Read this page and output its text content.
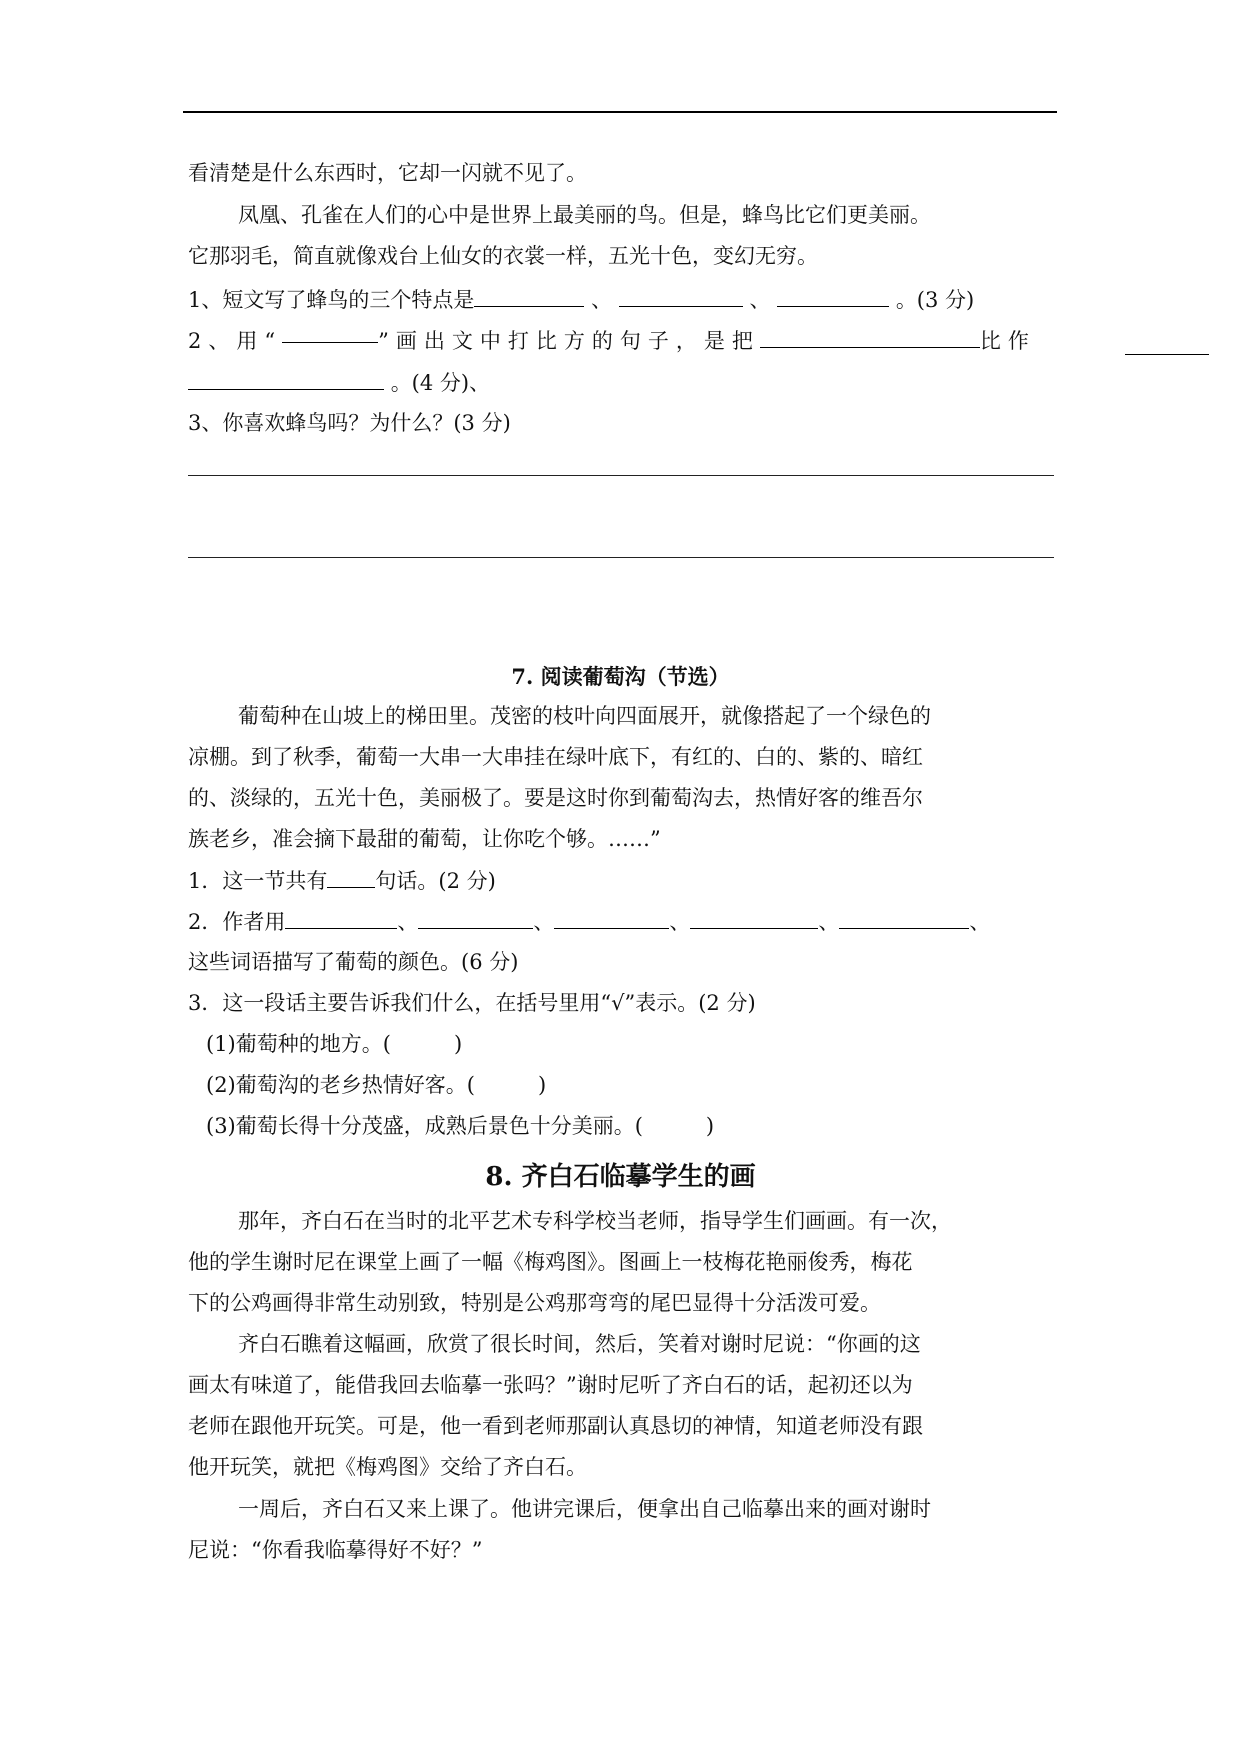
看清楚是什么东西时，它却一闪就不见了。
凤凰、孔雀在人们的心中是世界上最美丽的鸟。但是，蜂鸟比它们更美丽。
它那羽毛，简直就像戏台上仙女的衣裳一样，五光十色，变幻无穷。
1、短文写了蜂鸟的三个特点是	、	、	。(3 分)
2、用“	”画出文中打比方的句子，是把	比作
。(4 分)、
3、你喜欢蜂鸟吗？为什么？(3 分)
7. 阅读葡萄沟（节选）
葡萄种在山坡上的梯田里。茂密的枝叶向四面展开，就像搭起了一个绿色的
凉棚。到了秋季，葡萄一大串一大串挂在绿叶底下，有红的、白的、紫的、暗红
的、淡绿的，五光十色，美丽极了。要是这时你到葡萄沟去，热情好客的维吾尔
族老乡，准会摘下最甜的葡萄，让你吃个够。……”
1．这一节共有 句话。(2 分)
2．作者用	、	、	、	、	、
这些词语描写了葡萄的颜色。(6 分)
3．这一段话主要告诉我们什么，在括号里用“√”表示。(2 分)
(1)葡萄种的地方。(　　　)
(2)葡萄沟的老乡热情好客。(　　　)
(3)葡萄长得十分茂盛，成熟后景色十分美丽。(　　　)
8. 齐白石临摹学生的画
那年，齐白石在当时的北平艺术专科学校当老师，指导学生们画画。有一次，
他的学生谢时尼在课堂上画了一幅《梅鸡图》。图画上一枝梅花艳丽俊秀，梅花
下的公鸡画得非常生动别致，特别是公鸡那弯弯的尾巴显得十分活泼可爱。
齐白石瞧着这幅画，欣赏了很长时间，然后，笑着对谢时尼说：“你画的这
画太有味道了，能借我回去临摹一张吗？”谢时尼听了齐白石的话，起初还以为
老师在跟他开玩笑。可是，他一看到老师那副认真恳切的神情，知道老师没有跟
他开玩笑，就把《梅鸡图》交给了齐白石。
一周后，齐白石又来上课了。他讲完课后，便拿出自己临摹出来的画对谢时
尼说：“你看我临摹得好不好？”
